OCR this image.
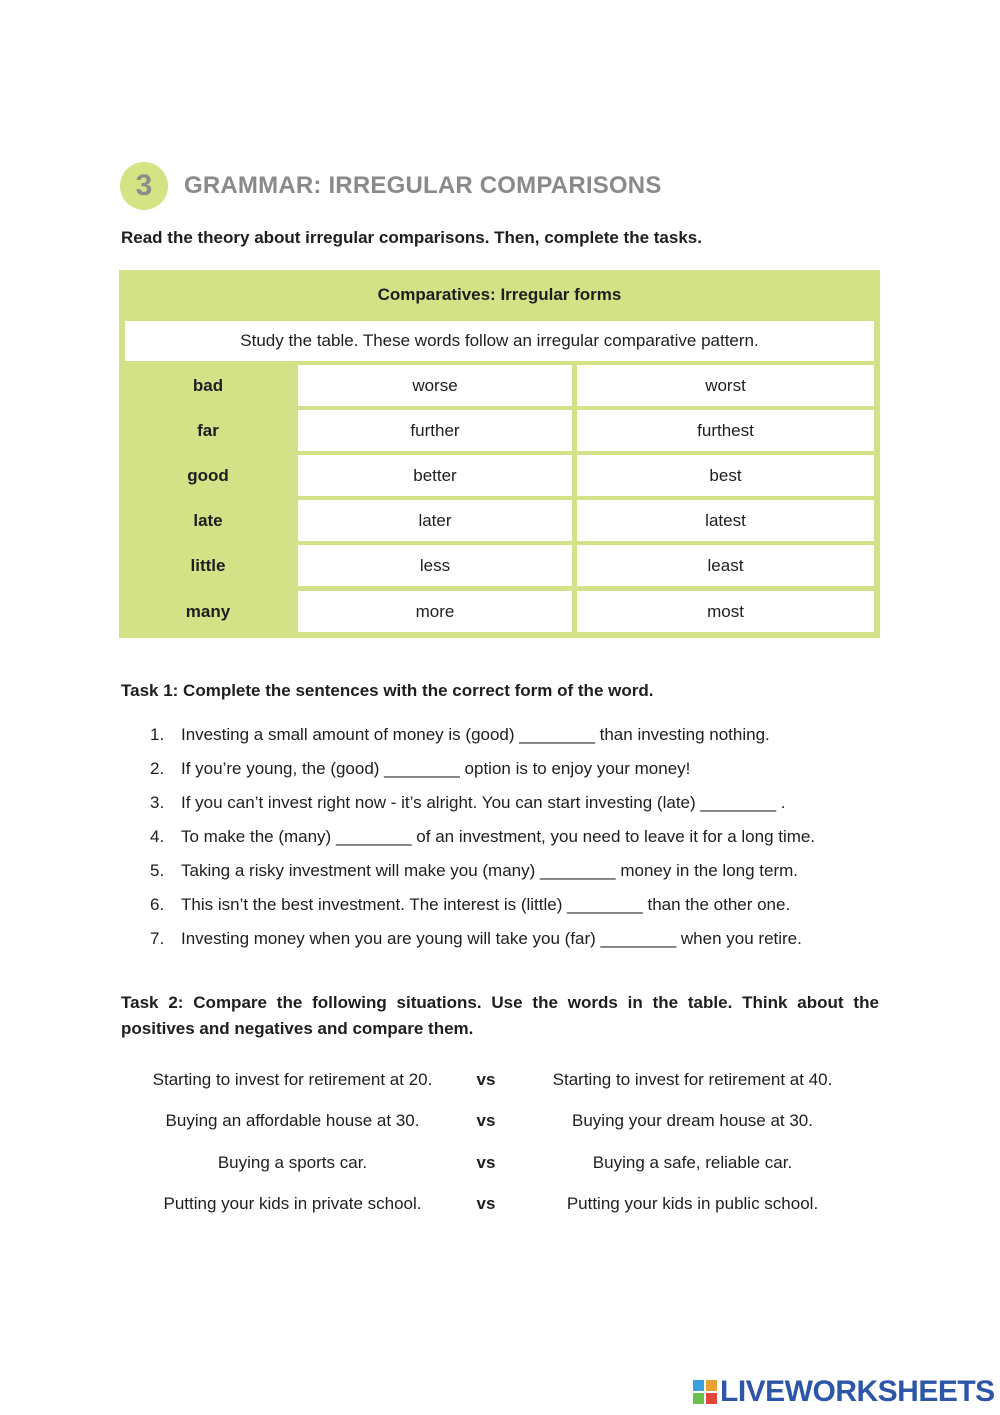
3	GRAMMAR: IRREGULAR COMPARISONS
Read the theory about irregular comparisons. Then, complete the tasks.
Comparatives: Irregular forms
Study the table. These words follow an irregular comparative pattern.
bad	worse	worst
far	further	furthest
good	better	best
late	later	latest
little	less	least
many	more	most
Task 1: Complete the sentences with the correct form of the word.
1. Investing a small amount of money is (good) ________ than investing nothing.
2. If you’re young, the (good) ________ option is to enjoy your money!
3. If you can’t invest right now - it’s alright. You can start investing (late) ________ .
4. To make the (many) ________ of an investment, you need to leave it for a long time.
5. Taking a risky investment will make you (many) ________ money in the long term.
6. This isn’t the best investment. The interest is (little) ________ than the other one.
7. Investing money when you are young will take you (far) ________ when you retire.
Task 2: Compare the following situations. Use the words in the table. Think about the
positives and negatives and compare them.
Starting to invest for retirement at 20.	vs	Starting to invest for retirement at 40.
Buying an affordable house at 30.	vs	Buying your dream house at 30.
Buying a sports car.	vs	Buying a safe, reliable car.
Putting your kids in private school.	vs	Putting your kids in public school.
LIVEWORKSHEETS
